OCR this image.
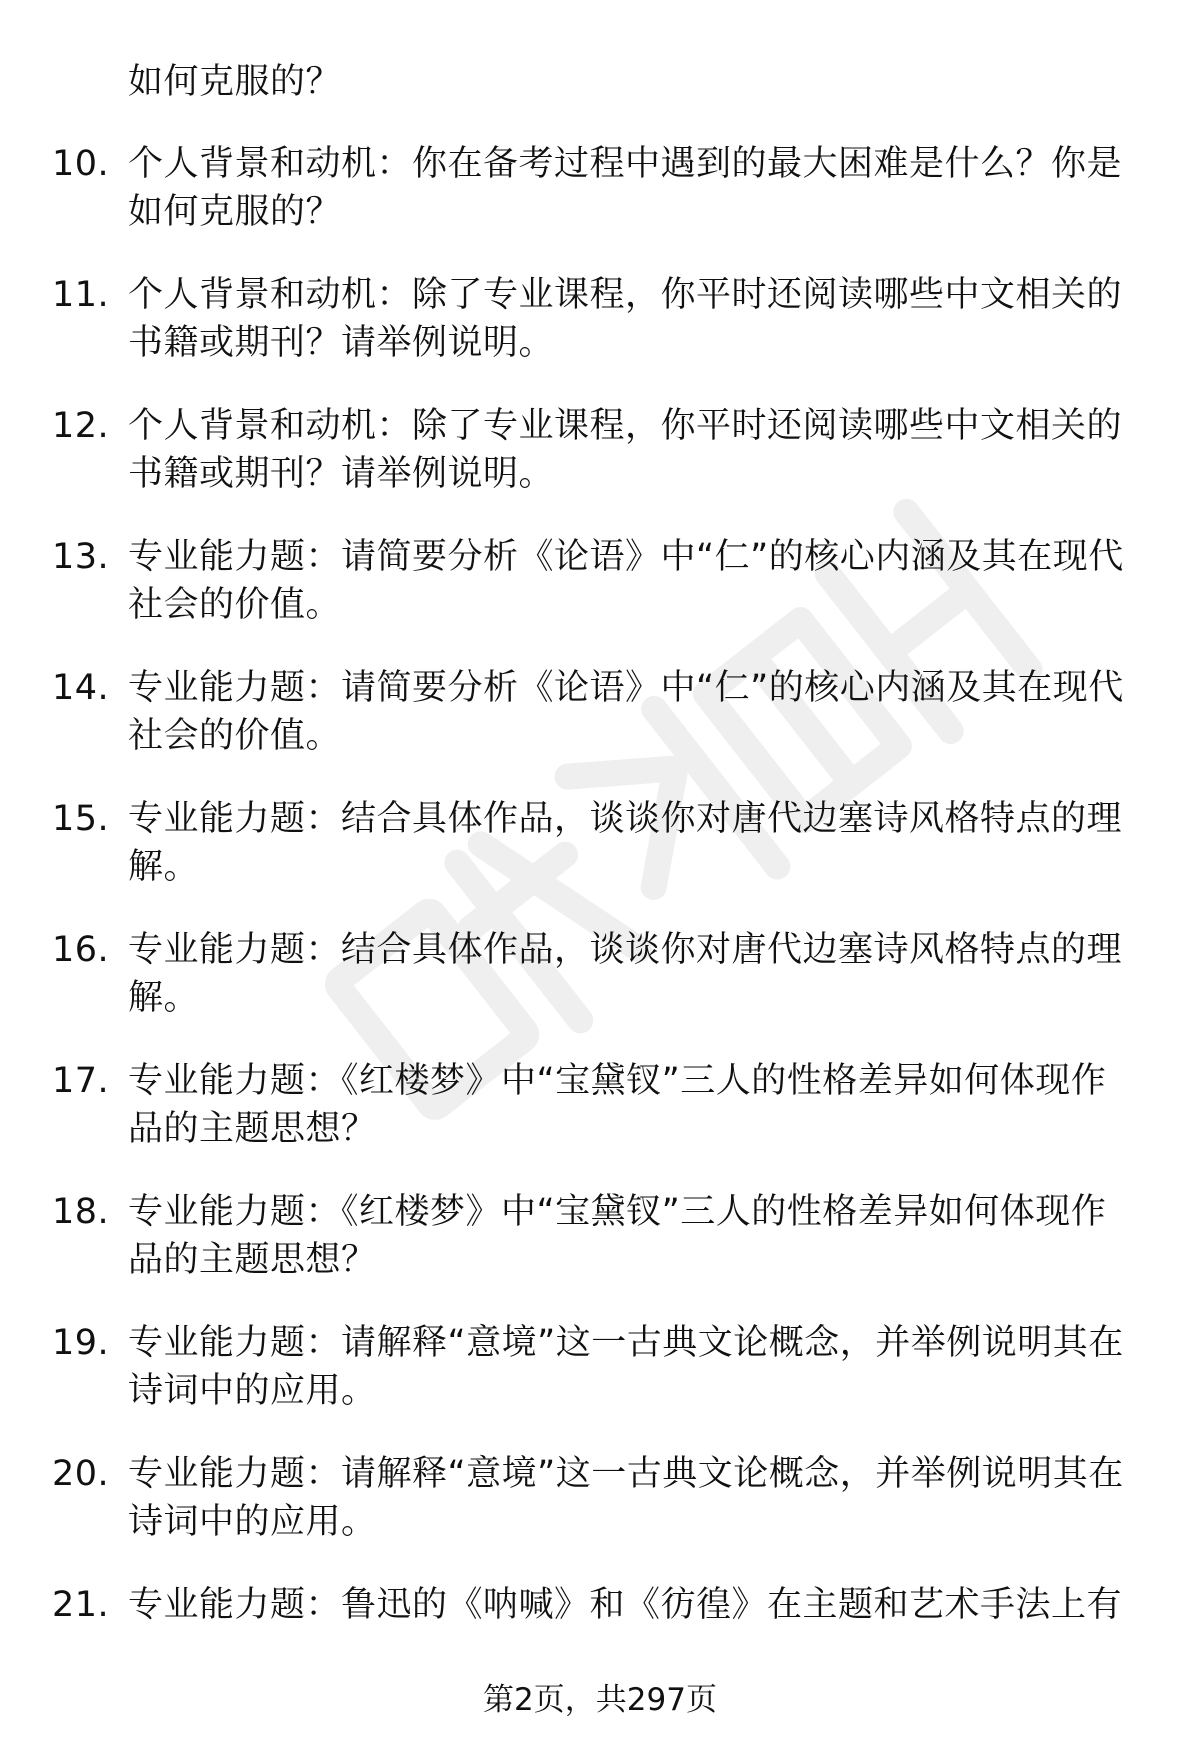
如何克服的？
10. 个人背景和动机：你在备考过程中遇到的最大困难是什么？你是如何克服的？
11. 个人背景和动机：除了专业课程，你平时还阅读哪些中文相关的书籍或期刊？请举例说明。
12. 个人背景和动机：除了专业课程，你平时还阅读哪些中文相关的书籍或期刊？请举例说明。
13. 专业能力题：请简要分析《论语》中“仁”的核心内涵及其在现代社会的价值。
14. 专业能力题：请简要分析《论语》中“仁”的核心内涵及其在现代社会的价值。
15. 专业能力题：结合具体作品，谈谈你对唐代边塞诗风格特点的理解。
16. 专业能力题：结合具体作品，谈谈你对唐代边塞诗风格特点的理解。
17. 专业能力题：《红楼梦》中“宝黛钗”三人的性格差异如何体现作品的主题思想？
18. 专业能力题：《红楼梦》中“宝黛钗”三人的性格差异如何体现作品的主题思想？
19. 专业能力题：请解释“意境”这一古典文论概念，并举例说明其在诗词中的应用。
20. 专业能力题：请解释“意境”这一古典文论概念，并举例说明其在诗词中的应用。
21. 专业能力题：鲁迅的《呐喊》和《彷徨》在主题和艺术手法上有
第2页，共297页
